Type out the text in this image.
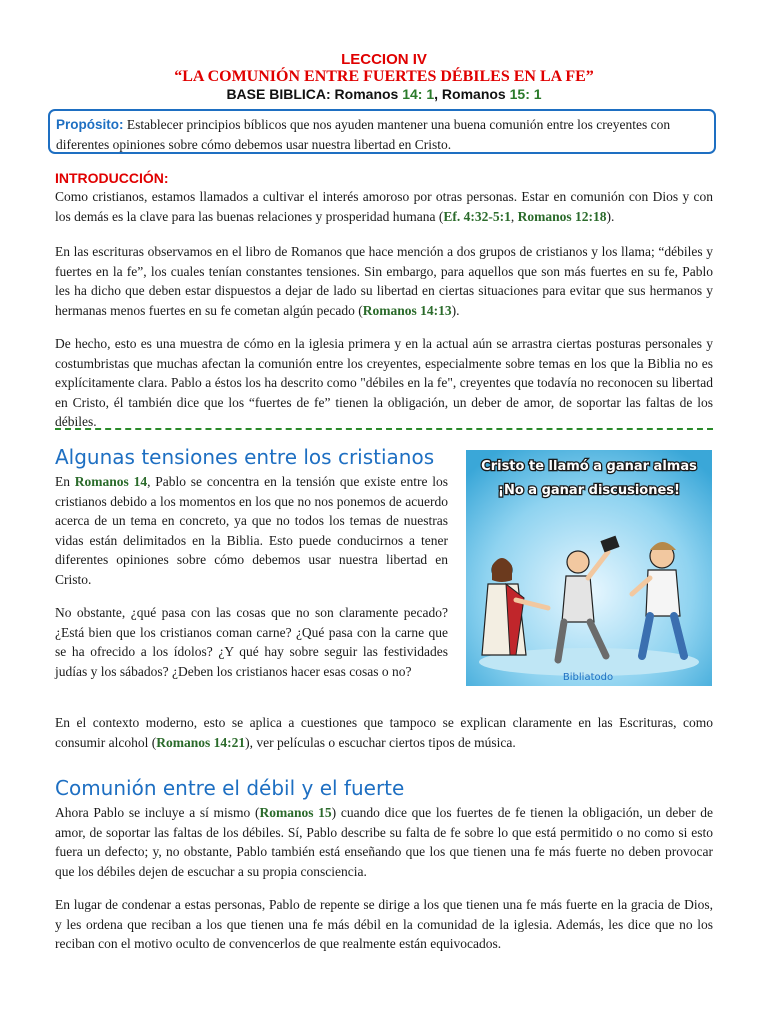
LECCION IV
“LA COMUNIÓN ENTRE FUERTES DÉBILES EN LA FE”
BASE BIBLICA: Romanos 14: 1, Romanos 15: 1
Propósito: Establecer principios bíblicos que nos ayuden mantener una buena comunión entre los creyentes con diferentes opiniones sobre cómo debemos usar nuestra libertad en Cristo.
INTRODUCCIÓN:
Como cristianos, estamos llamados a cultivar el interés amoroso por otras personas. Estar en comunión con Dios y con los demás es la clave para las buenas relaciones y prosperidad humana (Ef. 4:32-5:1, Romanos 12:18).
En las escrituras observamos en el libro de Romanos que hace mención a dos grupos de cristianos y los llama; “débiles y fuertes en la fe”, los cuales tenían constantes tensiones. Sin embargo, para aquellos que son más fuertes en su fe, Pablo les ha dicho que deben estar dispuestos a dejar de lado su libertad en ciertas situaciones para evitar que sus hermanos y hermanas menos fuertes en su fe cometan algún pecado (Romanos 14:13).
De hecho, esto es una muestra de cómo en la iglesia primera y en la actual aún se arrastra ciertas posturas personales y costumbristas que muchas afectan la comunión entre los creyentes, especialmente sobre temas en los que la Biblia no es explícitamente clara. Pablo a éstos los ha descrito como "débiles en la fe", creyentes que todavía no reconocen su libertad en Cristo, él también dice que los “fuertes de fe” tienen la obligación, un deber de amor, de soportar las faltas de los débiles.
Algunas tensiones entre los cristianos
En Romanos 14, Pablo se concentra en la tensión que existe entre los cristianos debido a los momentos en los que no nos ponemos de acuerdo acerca de un tema en concreto, ya que no todos los temas de nuestras vidas están delimitados en la Biblia. Esto puede conducirnos a tener diferentes opiniones sobre cómo debemos usar nuestra libertad en Cristo.
No obstante, ¿qué pasa con las cosas que no son claramente pecado? ¿Está bien que los cristianos coman carne? ¿Qué pasa con la carne que se ha ofrecido a los ídolos? ¿Y qué hay sobre seguir las festividades judías y los sábados? ¿Deben los cristianos hacer esas cosas o no?
En el contexto moderno, esto se aplica a cuestiones que tampoco se explican claramente en las Escrituras, como consumir alcohol (Romanos 14:21), ver películas o escuchar ciertos tipos de música.
Cristo te llamó a ganar almas
¡No a ganar discusiones!
Bibliatodo
Comunión entre el débil y el fuerte
Ahora Pablo se incluye a sí mismo (Romanos 15) cuando dice que los fuertes de fe tienen la obligación, un deber de amor, de soportar las faltas de los débiles. Sí, Pablo describe su falta de fe sobre lo que está permitido o no como si esto fuera un defecto; y, no obstante, Pablo también está enseñando que los que tienen una fe más fuerte no deben provocar que los débiles dejen de escuchar a su propia consciencia.
En lugar de condenar a estas personas, Pablo de repente se dirige a los que tienen una fe más fuerte en la gracia de Dios, y les ordena que reciban a los que tienen una fe más débil en la comunidad de la iglesia. Además, les dice que no los reciban con el motivo oculto de convencerlos de que realmente están equivocados.
